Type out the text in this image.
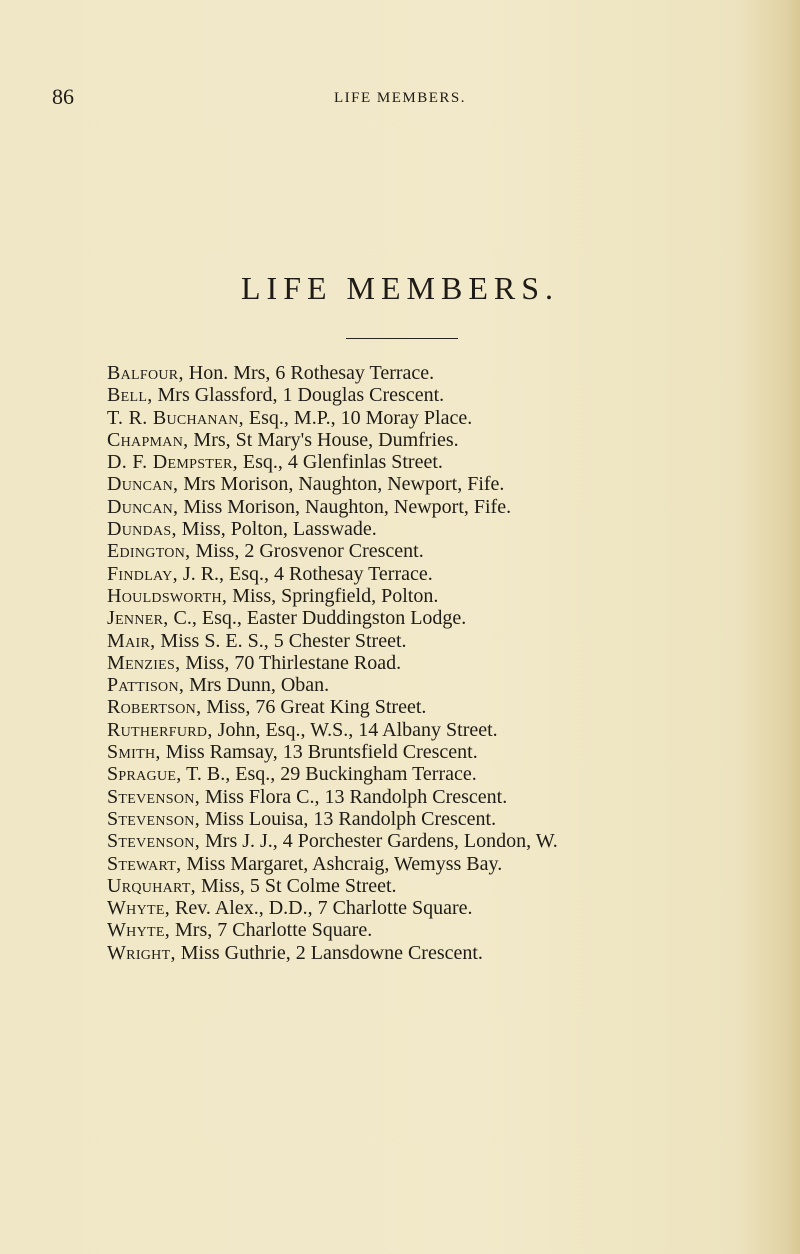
86	LIFE MEMBERS.
LIFE MEMBERS.
Balfour, Hon. Mrs, 6 Rothesay Terrace.
Bell, Mrs Glassford, 1 Douglas Crescent.
T. R. Buchanan, Esq., M.P., 10 Moray Place.
Chapman, Mrs, St Mary's House, Dumfries.
D. F. Dempster, Esq., 4 Glenfinlas Street.
Duncan, Mrs Morison, Naughton, Newport, Fife.
Duncan, Miss Morison, Naughton, Newport, Fife.
Dundas, Miss, Polton, Lasswade.
Edington, Miss, 2 Grosvenor Crescent.
Findlay, J. R., Esq., 4 Rothesay Terrace.
Houldsworth, Miss, Springfield, Polton.
Jenner, C., Esq., Easter Duddingston Lodge.
Mair, Miss S. E. S., 5 Chester Street.
Menzies, Miss, 70 Thirlestane Road.
Pattison, Mrs Dunn, Oban.
Robertson, Miss, 76 Great King Street.
Rutherfurd, John, Esq., W.S., 14 Albany Street.
Smith, Miss Ramsay, 13 Bruntsfield Crescent.
Sprague, T. B., Esq., 29 Buckingham Terrace.
Stevenson, Miss Flora C., 13 Randolph Crescent.
Stevenson, Miss Louisa, 13 Randolph Crescent.
Stevenson, Mrs J. J., 4 Porchester Gardens, London, W.
Stewart, Miss Margaret, Ashcraig, Wemyss Bay.
Urquhart, Miss, 5 St Colme Street.
Whyte, Rev. Alex., D.D., 7 Charlotte Square.
Whyte, Mrs, 7 Charlotte Square.
Wright, Miss Guthrie, 2 Lansdowne Crescent.
